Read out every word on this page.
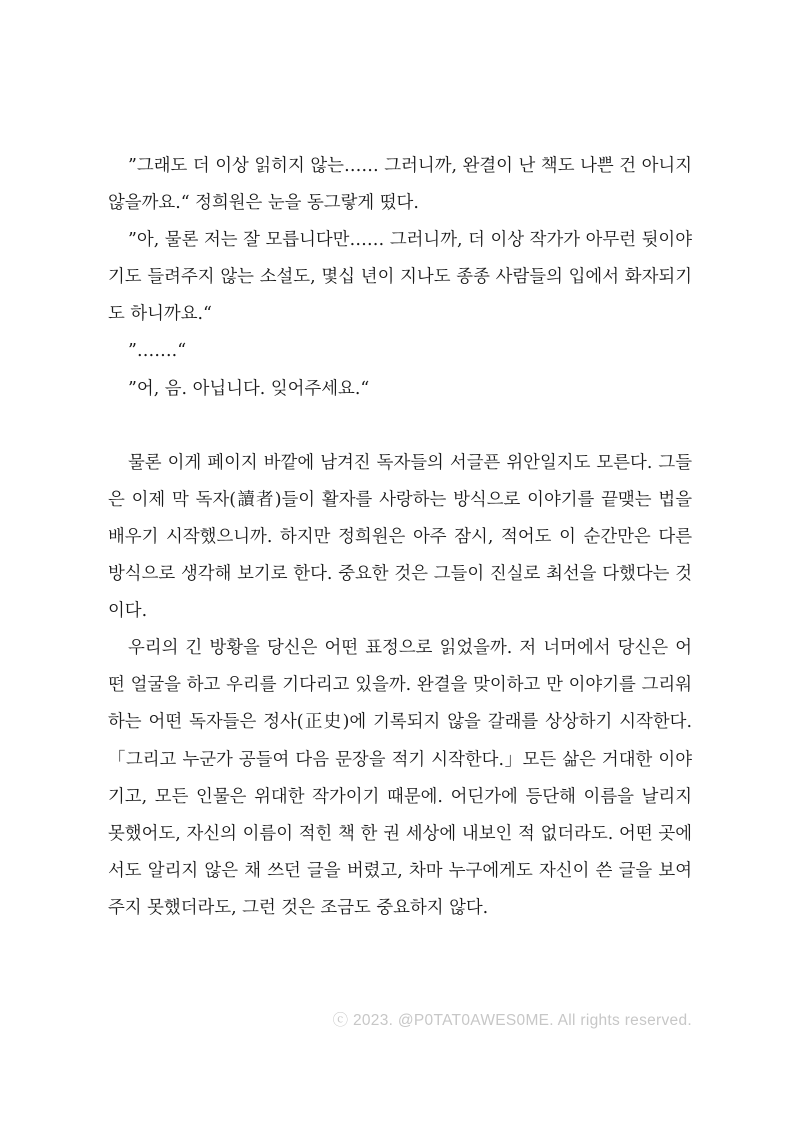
”그래도 더 이상 읽히지 않는…… 그러니까, 완결이 난 책도 나쁜 건 아니지 않을까요.“ 정희원은 눈을 동그랗게 떴다.

”아, 물론 저는 잘 모릅니다만…… 그러니까, 더 이상 작가가 아무런 뒷이야기도 들려주지 않는 소설도, 몇십 년이 지나도 종종 사람들의 입에서 화자되기도 하니까요.“

”…….“

”어, 음. 아닙니다. 잊어주세요.“

물론 이게 페이지 바깥에 남겨진 독자들의 서글픈 위안일지도 모른다. 그들은 이제 막 독자(讀者)들이 활자를 사랑하는 방식으로 이야기를 끝맺는 법을 배우기 시작했으니까. 하지만 정희원은 아주 잠시, 적어도 이 순간만은 다른 방식으로 생각해 보기로 한다. 중요한 것은 그들이 진실로 최선을 다했다는 것이다.

우리의 긴 방황을 당신은 어떤 표정으로 읽었을까. 저 너머에서 당신은 어떤 얼굴을 하고 우리를 기다리고 있을까. 완결을 맞이하고 만 이야기를 그리워하는 어떤 독자들은 정사(正史)에 기록되지 않을 갈래를 상상하기 시작한다.「그리고 누군가 공들여 다음 문장을 적기 시작한다.」모든 삶은 거대한 이야기고, 모든 인물은 위대한 작가이기 때문에. 어딘가에 등단해 이름을 날리지 못했어도, 자신의 이름이 적힌 책 한 권 세상에 내보인 적 없더라도. 어떤 곳에서도 알리지 않은 채 쓰던 글을 버렸고, 차마 누구에게도 자신이 쓴 글을 보여주지 못했더라도, 그런 것은 조금도 중요하지 않다.

ⓒ 2023. @P0TAT0AWES0ME. All rights reserved.
